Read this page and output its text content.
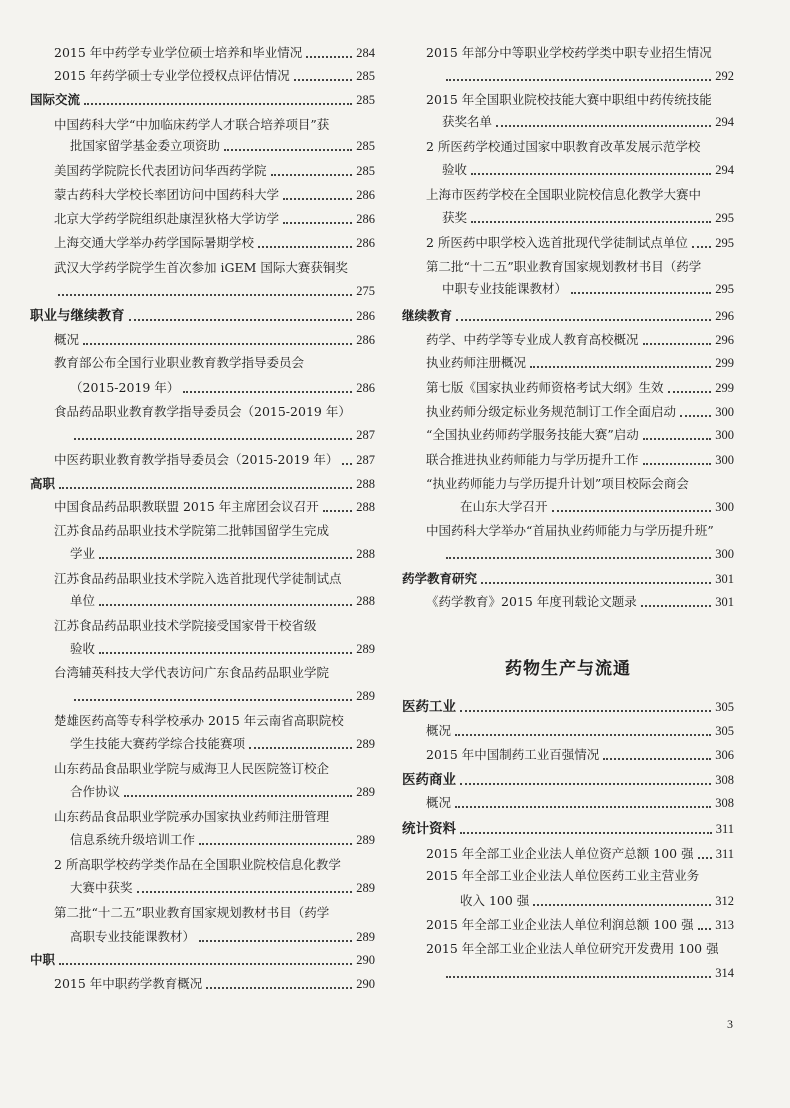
2015 年中药学专业学位硕士培养和毕业情况	284
2015 年药学硕士专业学位授权点评估情况	285
国际交流	285
中国药科大学“中加临床药学人才联合培养项目”获
批国家留学基金委立项资助	285
美国药学院院长代表团访问华西药学院	285
蒙古药科大学校长率团访问中国药科大学	286
北京大学药学院组织赴康涅狄格大学访学	286
上海交通大学举办药学国际暑期学校	286
武汉大学药学院学生首次参加 iGEM 国际大赛获铜奖
275
职业与继续教育	286
概况	286
教育部公布全国行业职业教育教学指导委员会
（2015-2019 年）	286
食品药品职业教育教学指导委员会（2015-2019 年）
287
中医药职业教育教学指导委员会（2015-2019 年） 287
高职	288
中国食品药品职教联盟 2015 年主席团会议召开	288
江苏食品药品职业技术学院第二批韩国留学生完成
学业	288
江苏食品药品职业技术学院入选首批现代学徒制试点
单位	288
江苏食品药品职业技术学院接受国家骨干校省级
验收	289
台湾辅英科技大学代表访问广东食品药品职业学院
289
楚雄医药高等专科学校承办 2015 年云南省高职院校
学生技能大赛药学综合技能赛项	289
山东药品食品职业学院与威海卫人民医院签订校企
合作协议	289
山东药品食品职业学院承办国家执业药师注册管理
信息系统升级培训工作	289
2 所高职学校药学类作品在全国职业院校信息化教学
大赛中获奖	289
第二批“十二五”职业教育国家规划教材书目（药学
高职专业技能课教材）	289
中职	290
2015 年中职药学教育概况	290
2015 年部分中等职业学校药学类中职专业招生情况
292
2015 年全国职业院校技能大赛中职组中药传统技能
获奖名单	294
2 所医药学校通过国家中职教育改革发展示范学校
验收	294
上海市医药学校在全国职业院校信息化教学大赛中
获奖	295
2 所医药中职学校入选首批现代学徒制试点单位 295
第二批“十二五”职业教育国家规划教材书目（药学
中职专业技能课教材）	295
继续教育	296
药学、中药学等专业成人教育高校概况	296
执业药师注册概况	299
第七版《国家执业药师资格考试大纲》生效	299
执业药师分级定标业务规范制订工作全面启动	300
“全国执业药师药学服务技能大赛”启动	300
联合推进执业药师能力与学历提升工作	300
“执业药师能力与学历提升计划”项目校际会商会
在山东大学召开	300
中国药科大学举办“首届执业药师能力与学历提升班”
300
药学教育研究	301
《药学教育》2015 年度刊载论文题录	301
医药工业	305
概况	305
2015 年中国制药工业百强情况	306
医药商业	308
概况	308
统计资料	311
2015 年全部工业企业法人单位资产总额 100 强 311
2015 年全部工业企业法人单位医药工业主营业务
收入 100 强	312
2015 年全部工业企业法人单位利润总额 100 强 313
2015 年全部工业企业法人单位研究开发费用 100 强
314
药物生产与流通
3
